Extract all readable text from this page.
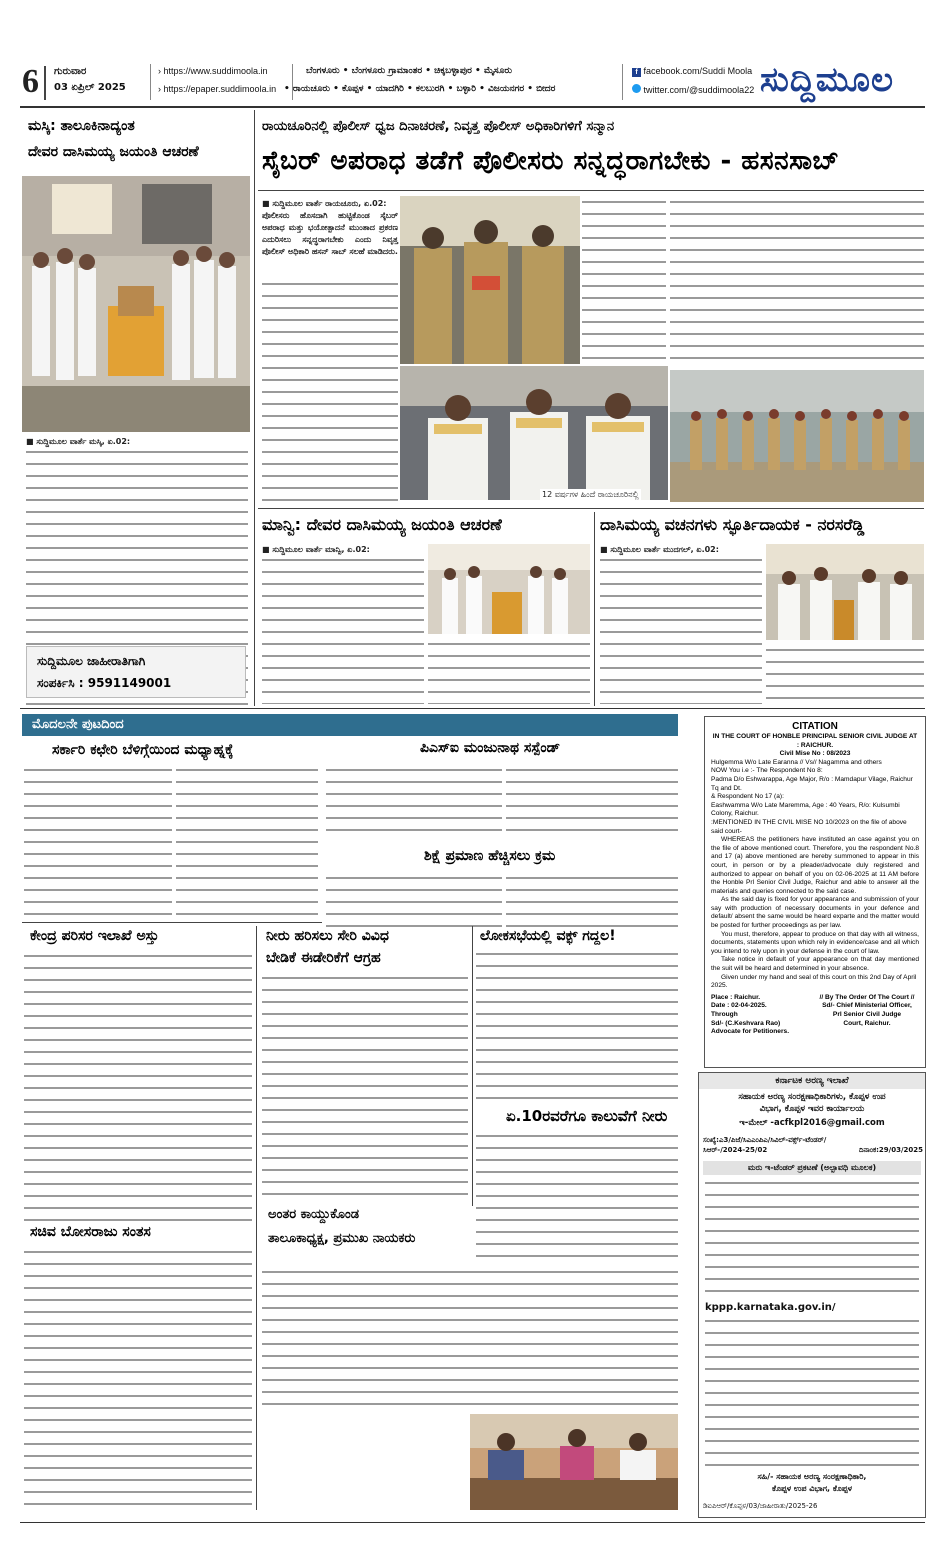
6 ಗುರುವಾರ
03 ಏಪ್ರಿಲ್ 2025
› https://www.suddimoola.in
› https://epaper.suddimoola.in
ಬೆಂಗಳೂರು • ಬೆಂಗಳೂರು ಗ್ರಾಮಾಂತರ • ಚಿಕ್ಕಬಳ್ಳಾಪುರ • ಮೈಸೂರು
• ರಾಯಚೂರು • ಕೊಪ್ಪಳ • ಯಾದಗಿರಿ • ಕಲಬುರಗಿ • ಬಳ್ಳಾರಿ • ವಿಜಯನಗರ • ಬೀದರ
f facebook.com/Suddi Moola
twitter.com/@suddimoola22 ಸುದ್ದಿಮೂಲ
ಮಸ್ಕಿ: ತಾಲೂಕಿನಾದ್ಯಂತ
ದೇವರ ದಾಸಿಮಯ್ಯ ಜಯಂತಿ ಆಚರಣೆ
■ ಸುದ್ದಿಮೂಲ ವಾರ್ತೆ ಮಸ್ಕಿ, ಏ.02:
ಸುದ್ದಿಮೂಲ ಜಾಹೀರಾತಿಗಾಗಿ
ಸಂಪರ್ಕಿಸಿ : 9591149001
ರಾಯಚೂರಿನಲ್ಲಿ ಪೊಲೀಸ್ ಧ್ವಜ ದಿನಾಚರಣೆ, ನಿವೃತ್ತ ಪೊಲೀಸ್ ಅಧಿಕಾರಿಗಳಿಗೆ ಸನ್ಮಾನ
ಸೈಬರ್ ಅಪರಾಧ ತಡೆಗೆ ಪೊಲೀಸರು ಸನ್ನದ್ಧರಾಗಬೇಕು - ಹಸನಸಾಬ್
■ ಸುದ್ದಿಮೂಲ ವಾರ್ತೆ ರಾಯಚೂರು, ಏ.02:
ಪೊಲೀಸರು ಹೊಸದಾಗಿ ಹುಟ್ಟಿಕೊಂಡ ಸೈಬರ್ ಅಪರಾಧ ಮತ್ತು ಭಯೋತ್ಪಾದನೆ ಮುಂತಾದ ಪ್ರಕರಣ ಎದುರಿಸಲು ಸನ್ನದ್ಧರಾಗಬೇಕು ಎಂದು ನಿವೃತ್ತ ಪೊಲೀಸ್ ಅಧಿಕಾರಿ ಹಸನ್ ಸಾಬ್ ಸಲಹೆ ಮಾಡಿದರು.
12 ವರ್ಷಗಳ ಹಿಂದೆ ರಾಯಚೂರಿನಲ್ಲಿ
ಮಾನ್ವಿ: ದೇವರ ದಾಸಿಮಯ್ಯ ಜಯಂತಿ ಆಚರಣೆ
■ ಸುದ್ದಿಮೂಲ ವಾರ್ತೆ ಮಾನ್ವಿ, ಏ.02:
ದಾಸಿಮಯ್ಯ ವಚನಗಳು ಸ್ಫೂರ್ತಿದಾಯಕ - ನರಸರೆಡ್ಡಿ
■ ಸುದ್ದಿಮೂಲ ವಾರ್ತೆ ಮುದಗಲ್, ಏ.02:
ಮೊದಲನೇ ಪುಟದಿಂದ
ಸರ್ಕಾರಿ ಕಛೇರಿ ಬೆಳಿಗ್ಗೆಯಿಂದ ಮಧ್ಯಾಹ್ನಕ್ಕೆ	ಪಿಎಸ್ಐ ಮಂಜುನಾಥ ಸಸ್ಪೆಂಡ್
ಶಿಕ್ಷೆ ಪ್ರಮಾಣ ಹೆಚ್ಚಿಸಲು ಕ್ರಮ
ಕೇಂದ್ರ ಪರಿಸರ ಇಲಾಖೆ ಅಸ್ತು
ಸಚಿವ ಬೋಸರಾಜು ಸಂತಸ
ನೀರು ಹರಿಸಲು ಸೇರಿ ವಿವಿಧ
ಬೇಡಿಕೆ ಈಡೇರಿಕೆಗೆ ಆಗ್ರಹ
ಅಂತರ ಕಾಯ್ದುಕೊಂಡ
ತಾಲೂಕಾಧ್ಯಕ್ಷ, ಪ್ರಮುಖ ನಾಯಕರು
ಲೋಕಸಭೆಯಲ್ಲಿ ವಕ್ಫ್ ಗದ್ದಲ!
ಏ.10ರವರೆಗೂ ಕಾಲುವೆಗೆ ನೀರು
CITATION
IN THE COURT OF HONBLE PRINCIPAL SENIOR CIVIL JUDGE AT : RAICHUR.
Civil Mise No : 08/2023
Hulgemma W/o Late Earanna // Vs// Nagamma and others
NOW You i.e :- The Respondent No 8:
Padma D/o Eshwarappa, Age Major, R/o : Mamdapur Vilage, Raichur Tq and Dt.
& Respondent No 17 (a):
Eashwamma W/o Late Maremma, Age : 40 Years, R/o: Kulsumbi Colony, Raichur.
:MENTIONED IN THE CIVIL MISE NO 10/2023 on the file of above said court-
WHEREAS the petitioners have instituted an case against you on the file of above mentioned court. Therefore, you the respondent No.8 and 17 (a) above mentioned are hereby summoned to appear in this court, in person or by a pleader/advocate duly registered and authorized to appear on behalf of you on 02-06-2025 at 11 AM before the Honble Prl Senior Civil Judge, Raichur and able to answer all the materials and queries connected to the said case.
As the said day is fixed for your appearance and submission of your say with production of necessary documents in your defence and default/ absent the same would be heard exparte and the matter would be posted for further proceedings as per law.
You must, therefore, appear to produce on that day with all witness, documents, statements upon which rely in evidence/case and all which you intend to rely upon in your defense in the court of law.
Take notice in default of your appearance on that day mentioned the suit will be heard and determined in your absence.
Given under my hand and seal of this court on this 2nd Day of April 2025.
Place : Raichur.
Date : 02-04-2025.
Through
Sd/- (C.Keshvara Rao)
Advocate for Petitioners.
// By The Order Of The Court //
Sd/- Chief Ministerial Officer,
Prl Senior Civil Judge
Court, Raichur.
ಕರ್ನಾಟಕ ಅರಣ್ಯ ಇಲಾಖೆ
ಸಹಾಯಕ ಅರಣ್ಯ ಸಂರಕ್ಷಣಾಧಿಕಾರಿಗಳು, ಕೊಪ್ಪಳ ಉಪ
ವಿಭಾಗ, ಕೊಪ್ಪಳ ಇವರ ಕಾರ್ಯಾಲಯ
ಇ-ಮೇಲ್ -acfkpl2016@gmail.com
ಸಂಖ್ಯೆ:ಎ3/ಪಿಜೆ/ಸಿಎಎಂಪಿಎ/ಸಿವಿಲ್-ವರ್ಕ್ಸ್-ಟೆಂಡರ್/ಸಿಆರ್-/2024-25/02	ದಿನಾಂಕ:29/03/2025
ಮರು ಇ-ಟೆಂಡರ್ ಪ್ರಕಟಣೆ (ಅಲ್ಪಾವಧಿ ಮೂಲಕ)
kppp.karnataka.gov.in/
ಸಹಿ/- ಸಹಾಯಕ ಅರಣ್ಯ ಸಂರಕ್ಷಣಾಧಿಕಾರಿ,
ಕೊಪ್ಪಳ ಉಪ ವಿಭಾಗ, ಕೊಪ್ಪಳ
ಡಿಐಪಿಆರ್/ಕೊಪ್ಪಳ/03/ಜಾಹೀರಾತು/2025-26
